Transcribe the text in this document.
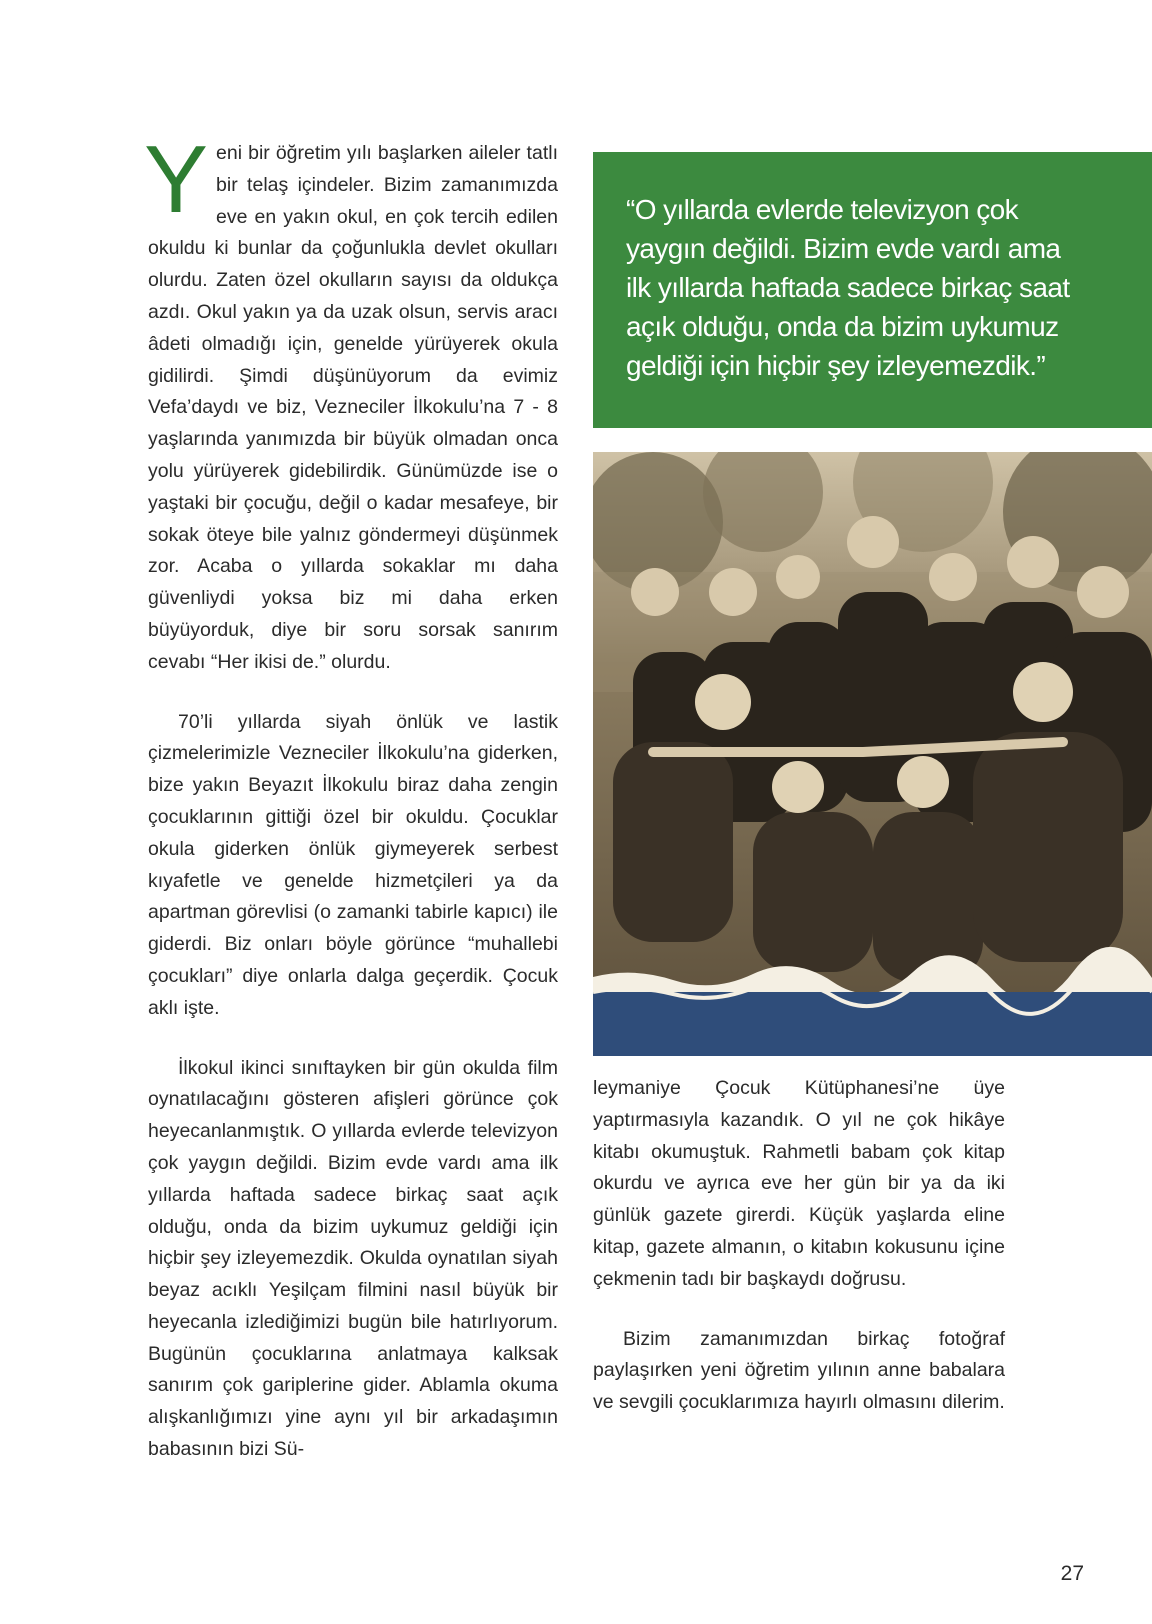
Yeni bir öğretim yılı başlarken aileler tatlı bir telaş içindeler. Bizim zamanımızda eve en yakın okul, en çok tercih edilen okuldu ki bunlar da çoğunlukla devlet okulları olurdu. Zaten özel okulların sayısı da oldukça azdı. Okul yakın ya da uzak olsun, servis aracı âdeti olmadığı için, genelde yürüyerek okula gidilirdi. Şimdi düşünüyorum da evimiz Vefa’daydı ve biz, Vezneciler İlkokulu’na 7 - 8 yaşlarında yanımızda bir büyük olmadan onca yolu yürüyerek gidebilirdik. Günümüzde ise o yaştaki bir çocuğu, değil o kadar mesafeye, bir sokak öteye bile yalnız göndermeyi düşünmek zor. Acaba o yıllarda sokaklar mı daha güvenliydi yoksa biz mi daha erken büyüyorduk, diye bir soru sorsak sanırım cevabı “Her ikisi de.” olurdu.

70’li yıllarda siyah önlük ve lastik çizmelerimizle Vezneciler İlkokulu’na giderken, bize yakın Beyazıt İlkokulu biraz daha zengin çocuklarının gittiği özel bir okuldu. Çocuklar okula giderken önlük giymeyerek serbest kıyafetle ve genelde hizmetçileri ya da apartman görevlisi (o zamanki tabirle kapıcı) ile giderdi. Biz onları böyle görünce “muhallebi çocukları” diye onlarla dalga geçerdik. Çocuk aklı işte.

İlkokul ikinci sınıftayken bir gün okulda film oynatılacağını gösteren afişleri görünce çok heyecanlanmıştık. O yıllarda evlerde televizyon çok yaygın değildi. Bizim evde vardı ama ilk yıllarda haftada sadece birkaç saat açık olduğu, onda da bizim uykumuz geldiği için hiçbir şey izleyemezdik. Okulda oynatılan siyah beyaz acıklı Yeşilçam filmini nasıl büyük bir heyecanla izlediğimizi bugün bile hatırlıyorum. Bugünün çocuklarına anlatmaya kalksak sanırım çok gariplerine gider. Ablamla okuma alışkanlığımızı yine aynı yıl bir arkadaşımın babasının bizi Sü-

“O yıllarda evlerde televizyon çok yaygın değildi. Bizim evde vardı ama ilk yıllarda haftada sadece birkaç saat açık olduğu, onda da bizim uykumuz geldiği için hiçbir şey izleyemezdik.”

leymaniye Çocuk Kütüphanesi’ne üye yaptırmasıyla kazandık. O yıl ne çok hikâye kitabı okumuştuk. Rahmetli babam çok kitap okurdu ve ayrıca eve her gün bir ya da iki günlük gazete girerdi. Küçük yaşlarda eline kitap, gazete almanın, o kitabın kokusunu içine çekmenin tadı bir başkaydı doğrusu.

Bizim zamanımızdan birkaç fotoğraf paylaşırken yeni öğretim yılının anne babalara ve sevgili çocuklarımıza hayırlı olmasını dilerim.

27
